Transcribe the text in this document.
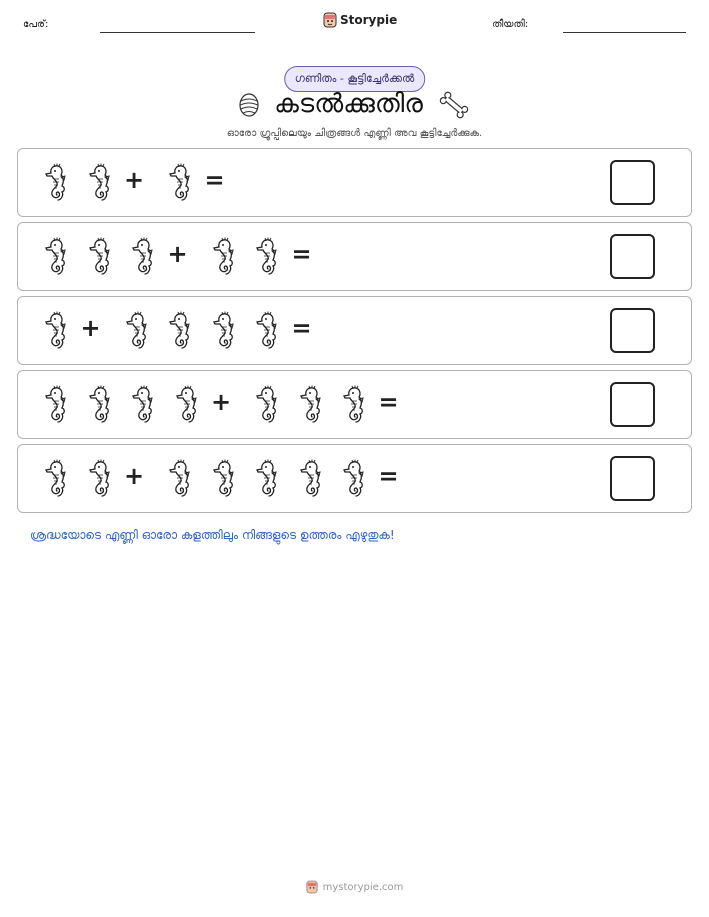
പേര്:	Storypie	തീയതി:
ഗണിതം - കൂട്ടിച്ചേർക്കൽ
കടൽക്കുതിര
ഓരോ ഗ്രൂപ്പിലെയും ചിത്രങ്ങൾ എണ്ണി അവ കൂട്ടിച്ചേർക്കുക.
+	=
+	=
+	=
+	=
+	=
ശ്രദ്ധയോടെ എണ്ണി ഓരോ കളത്തിലും നിങ്ങളുടെ ഉത്തരം എഴുതുക!
mystorypie.com
